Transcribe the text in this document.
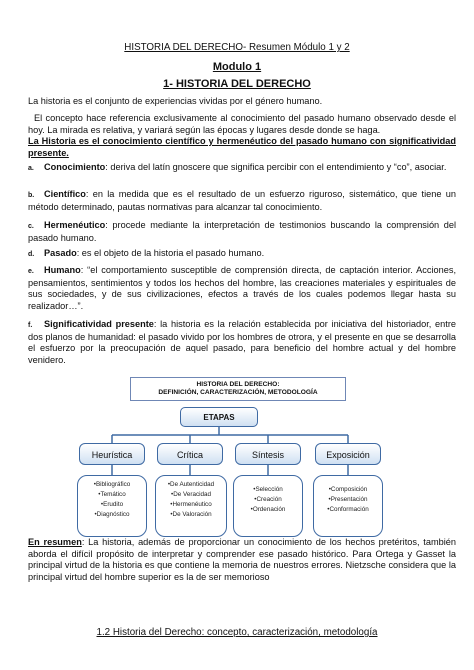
HISTORIA DEL DERECHO- Resumen Módulo 1 y 2
Modulo 1
1- HISTORIA DEL DERECHO
La historia es el conjunto de experiencias vividas por el género humano.
El concepto hace referencia exclusivamente al conocimiento del pasado humano observado desde el hoy. La mirada es relativa, y variará según las épocas y lugares desde donde se haga.
La Historia es el conocimiento científico y hermenéutico del pasado humano con significatividad presente.
a. Conocimiento: deriva del latín gnoscere que significa percibir con el entendimiento y “co”, asociar.
b. Científico: en la medida que es el resultado de un esfuerzo riguroso, sistemático, que tiene un método determinado, pautas normativas para alcanzar tal conocimiento.
c. Hermenéutico: procede mediante la interpretación de testimonios buscando la comprensión del pasado humano.
d. Pasado: es el objeto de la historia el pasado humano.
e. Humano: “el comportamiento susceptible de comprensión directa, de captación interior. Acciones, pensamientos, sentimientos y todos los hechos del hombre, las creaciones materiales y espirituales de sus sociedades, y de sus civilizaciones, efectos a través de los cuales podemos llegar hasta su realizador…”.
f. Significatividad presente: la historia es la relación establecida por iniciativa del historiador, entre dos planos de humanidad: el pasado vivido por los hombres de otrora, y el presente en que se desarrolla el esfuerzo por la preocupación de aquel pasado, para beneficio del hombre actual y del hombre venidero.
HISTORIA DEL DERECHO:
DEFINICIÓN, CARACTERIZACIÓN, METODOLOGÍA
ETAPAS
Heurística	Crítica	Síntesis	Exposición
•Bibliográfico
•Temático
•Erudito
•Diagnóstico
•De Autenticidad
•De Veracidad
•Hermenéutico
•De Valoración
•Selección
•Creación
•Ordenación
•Composición
•Presentación
•Conformación
En resumen: La historia, además de proporcionar un conocimiento de los hechos pretéritos, también aborda el difícil propósito de interpretar y comprender ese pasado histórico. Para Ortega y Gasset la principal virtud de la historia es que contiene la memoria de nuestros errores. Nietzsche considera que la principal virtud del hombre superior es la de ser memorioso
1.2 Historia del Derecho: concepto, caracterización, metodología
